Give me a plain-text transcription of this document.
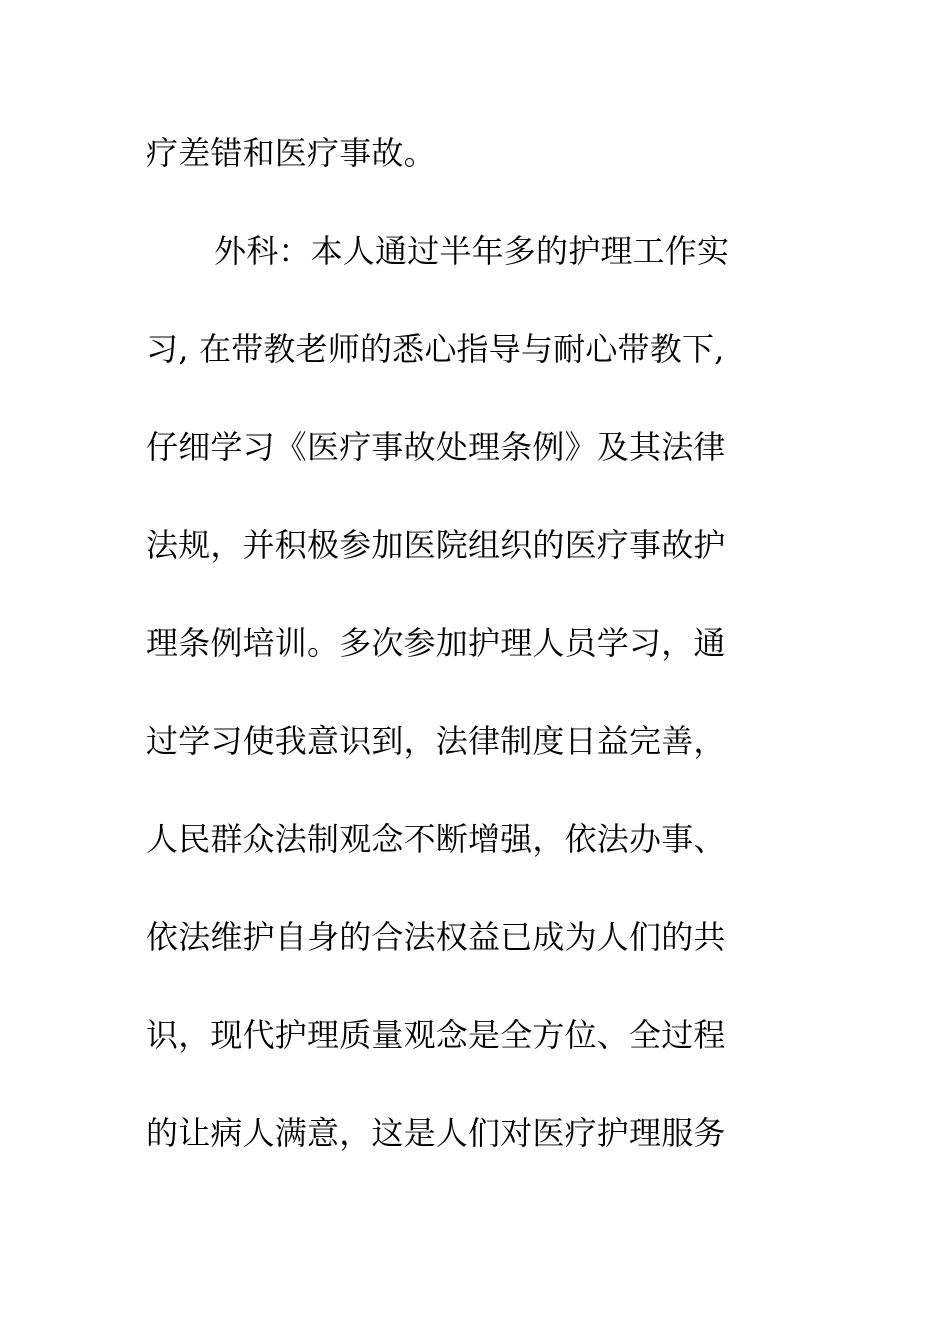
疗差错和医疗事故。
外科：本人通过半年多的护理工作实
习, 在带教老师的悉心指导与耐心带教下,
仔细学习《医疗事故处理条例》及其法律
法规，并积极参加医院组织的医疗事故护
理条例培训。多次参加护理人员学习，通
过学习使我意识到，法律制度日益完善，
人民群众法制观念不断增强，依法办事、
依法维护自身的合法权益已成为人们的共
识，现代护理质量观念是全方位、全过程
的让病人满意，这是人们对医疗护理服务
